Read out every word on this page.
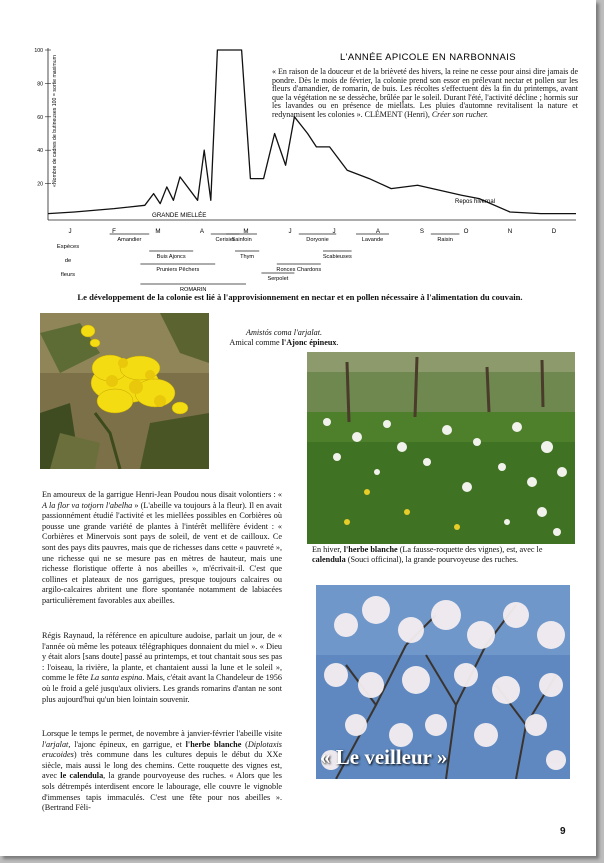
20
40
60
80
100
J	F	M	A	M	J	J	A	S	O	N	D
Espèces
de
fleurs
Amandier	Cerisier
Sainfoin	Doryonie	Lavande	Raisin
Buis Ajoncs	Thym	Scabieuses
Pruniers Pêchers	Ronces Chardons
Serpolet
ROMARIN
L'ANNÉE APICOLE EN NARBONNAIS
«Nombre de cadres de butineuses 100 = sortie maximum
GRANDE MIELLÉE
Repos hivernal

« En raison de la douceur et de la brièveté des hivers, la reine ne cesse pour ainsi dire jamais de pondre. Dès le mois de février, la colonie prend son essor en prélevant nectar et pollen sur les fleurs d'amandier, de romarin, de buis. Les récoltes s'effectuent dès la fin du printemps, avant que la végétation ne se dessèche, brûlée par le soleil. Durant l'été, l'activité décline ; hormis sur les lavandes ou en présence de miellats. Les pluies d'automne revitalisent la nature et redynamisent les colonies ». CLÉMENT (Henri), Créer son rucher.

Le développement de la colonie est lié à l'approvisionnement en nectar et en pollen nécessaire à l'alimentation du couvain.

Amistós coma l'arjalat.
Amical comme l'Ajonc épineux.

En hiver, l'herbe blanche (La fausse-roquette des vignes), est, avec le calendula (Souci officinal), la grande pourvoyeuse des ruches.

« Le veilleur »

En amoureux de la garrigue Henri-Jean Poudou nous disait volontiers : « A la flor va totjorn l'abelha » (L'abeille va toujours à la fleur). Il en avait passionnément étudié l'activité et les miellées possibles en Corbières où pousse une grande variété de plantes à l'intérêt mellifère évident : « Corbières et Minervois sont pays de soleil, de vent et de cailloux. Ce sont des pays dits pauvres, mais que de richesses dans cette « pauvreté », une richesse qui ne se mesure pas en mètres de hauteur, mais une richesse floristique offerte à nos abeilles », m'écrivait-il. C'est que collines et plateaux de nos garrigues, presque toujours calcaires ou argilo-calcaires abritent une flore spontanée notamment de labiacées particulièrement favorables aux abeilles.

Régis Raynaud, la référence en apiculture audoise, parlait un jour, de « l'année où même les poteaux télégraphiques donnaient du miel ». « Dieu y était alors [sans doute] passé au printemps, et tout chantait sous ses pas : l'oiseau, la rivière, la plante, et chantaient aussi la lune et le soleil », comme le fête La santa espina. Mais, c'était avant la Chandeleur de 1956 où le froid a gelé jusqu'aux oliviers. Les grands romarins d'antan ne sont plus aujourd'hui qu'un bien lointain souvenir.

Lorsque le temps le permet, de novembre à janvier-février l'abeille visite l'arjalat, l'ajonc épineux, en garrigue, et l'herbe blanche (Diplotaxis erucoides) très commune dans les cultures depuis le début du XXe siècle, mais aussi le long des chemins. Cette rouquette des vignes est, avec le calendula, la grande pourvoyeuse des ruches. « Alors que les sols détrempés interdisent encore le labourage, elle couvre le vignoble d'immenses tapis immaculés. C'est une fête pour nos abeilles ». (Bertrand Fèli-

9
